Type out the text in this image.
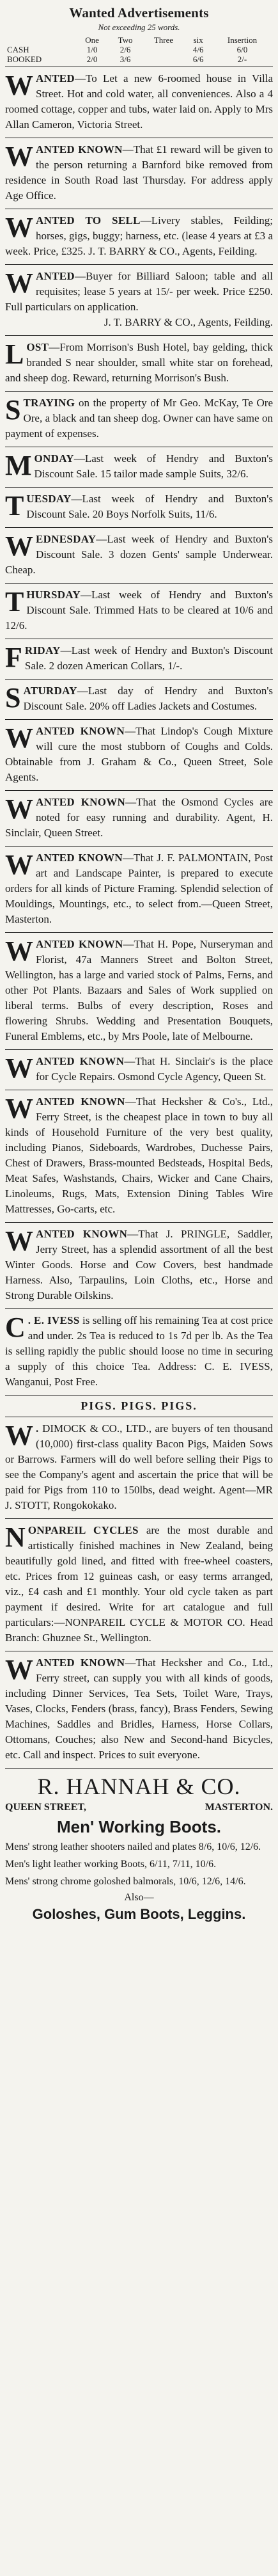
Wanted Advertisements
Not exceeding 25 words.
	One	Two	Three	six	Insertion
CASH	1/0	2/6		4/6	6/0
BOOKED	2/0	3/6		6/6	2/-

WANTED—To Let a new 6-roomed house in Villa Street. Hot and cold water, all conveniences. Also a 4 roomed cottage, copper and tubs, water laid on. Apply to Mrs Allan Cameron, Victoria Street.

WANTED KNOWN—That £1 reward will be given to the person returning a Barnford bike removed from residence in South Road last Thursday. For address apply Age Office.

WANTED TO SELL—Livery stables, Feilding; horses, gigs, buggy; harness, etc. (lease 4 years at £3 a week. Price, £325. J. T. BARRY & CO., Agents, Feilding.

WANTED—Buyer for Billiard Saloon; table and all requisites; lease 5 years at 15/- per week. Price £250. Full particulars on application.

J. T. BARRY & CO., Agents, Feilding.

LOST—From Morrison's Bush Hotel, bay gelding, thick branded S near shoulder, small white star on forehead, and sheep dog. Reward, returning Morrison's Bush.

STRAYING on the property of Mr Geo. McKay, Te Ore Ore, a black and tan sheep dog. Owner can have same on payment of expenses.

MONDAY—Last week of Hendry and Buxton's Discount Sale. 15 tailor made sample Suits, 32/6.

TUESDAY—Last week of Hendry and Buxton's Discount Sale. 20 Boys Norfolk Suits, 11/6.

WEDNESDAY—Last week of Hendry and Buxton's Discount Sale. 3 dozen Gents' sample Underwear. Cheap.

THURSDAY—Last week of Hendry and Buxton's Discount Sale. Trimmed Hats to be cleared at 10/6 and 12/6.

FRIDAY—Last week of Hendry and Buxton's Discount Sale. 2 dozen American Collars, 1/-.

SATURDAY—Last day of Hendry and Buxton's Discount Sale. 20% off Ladies Jackets and Costumes.

WANTED KNOWN—That Lindop's Cough Mixture will cure the most stubborn of Coughs and Colds. Obtainable from J. Graham & Co., Queen Street, Sole Agents.

WANTED KNOWN—That the Osmond Cycles are noted for easy running and durability. Agent, H. Sinclair, Queen Street.

WANTED KNOWN—That J. F. PALMONTAIN, Post art and Landscape Painter, is prepared to execute orders for all kinds of Picture Framing. Splendid selection of Mouldings, Mountings, etc., to select from.—Queen Street, Masterton.

WANTED KNOWN—That H. Pope, Nurseryman and Florist, 47a Manners Street and Bolton Street, Wellington, has a large and varied stock of Palms, Ferns, and other Pot Plants. Bazaars and Sales of Work supplied on liberal terms. Bulbs of every description, Roses and flowering Shrubs. Wedding and Presentation Bouquets, Funeral Emblems, etc., by Mrs Poole, late of Melbourne.

WANTED KNOWN—That H. Sinclair's is the place for Cycle Repairs. Osmond Cycle Agency, Queen St.

WANTED KNOWN—That Hecksher & Co's., Ltd., Ferry Street, is the cheapest place in town to buy all kinds of Household Furniture of the very best quality, including Pianos, Sideboards, Wardrobes, Duchesse Pairs, Chest of Drawers, Brass-mounted Bedsteads, Hospital Beds, Meat Safes, Washstands, Chairs, Wicker and Cane Chairs, Linoleums, Rugs, Mats, Extension Dining Tables Wire Mattresses, Go-carts, etc.

WANTED KNOWN—That J. PRINGLE, Saddler, Jerry Street, has a splendid assortment of all the best Winter Goods. Horse and Cow Covers, best handmade Harness. Also, Tarpaulins, Loin Cloths, etc., Horse and Strong Durable Oilskins.

C . E. IVESS is selling off his remaining Tea at cost price and under. 2s Tea is reduced to 1s 7d per lb. As the Tea is selling rapidly the public should loose no time in securing a supply of this choice Tea. Address: C. E. IVESS, Wanganui, Post Free.

PIGS. PIGS. PIGS.

W . DIMOCK & CO., LTD., are buyers of ten thousand (10,000) first-class quality Bacon Pigs, Maiden Sows or Barrows. Farmers will do well before selling their Pigs to see the Company's agent and ascertain the price that will be paid for Pigs from 110 to 150lbs, dead weight. Agent—MR J. STOTT, Rongokokako.

NONPAREIL CYCLES are the most durable and artistically finished machines in New Zealand, being beautifully gold lined, and fitted with free-wheel coasters, etc. Prices from 12 guineas cash, or easy terms arranged, viz., £4 cash and £1 monthly. Your old cycle taken as part payment if desired. Write for art catalogue and full particulars:—NONPAREIL CYCLE & MOTOR CO. Head Branch: Ghuznee St., Wellington.

WANTED KNOWN—That Hecksher and Co., Ltd., Ferry street, can supply you with all kinds of goods, including Dinner Services, Tea Sets, Toilet Ware, Trays, Vases, Clocks, Fenders (brass, fancy), Brass Fenders, Sewing Machines, Saddles and Bridles, Harness, Horse Collars, Ottomans, Couches; also New and Second-hand Bicycles, etc. Call and inspect. Prices to suit everyone.

R. HANNAH & CO.
QUEEN STREET,	MASTERTON.
Men' Working Boots.
Mens' strong leather shooters nailed and plates 8/6, 10/6, 12/6.
Men's light leather working Boots, 6/11, 7/11, 10/6.
Mens' strong chrome goloshed balmorals, 10/6, 12/6, 14/6.
Also—
Goloshes, Gum Boots, Leggins.
